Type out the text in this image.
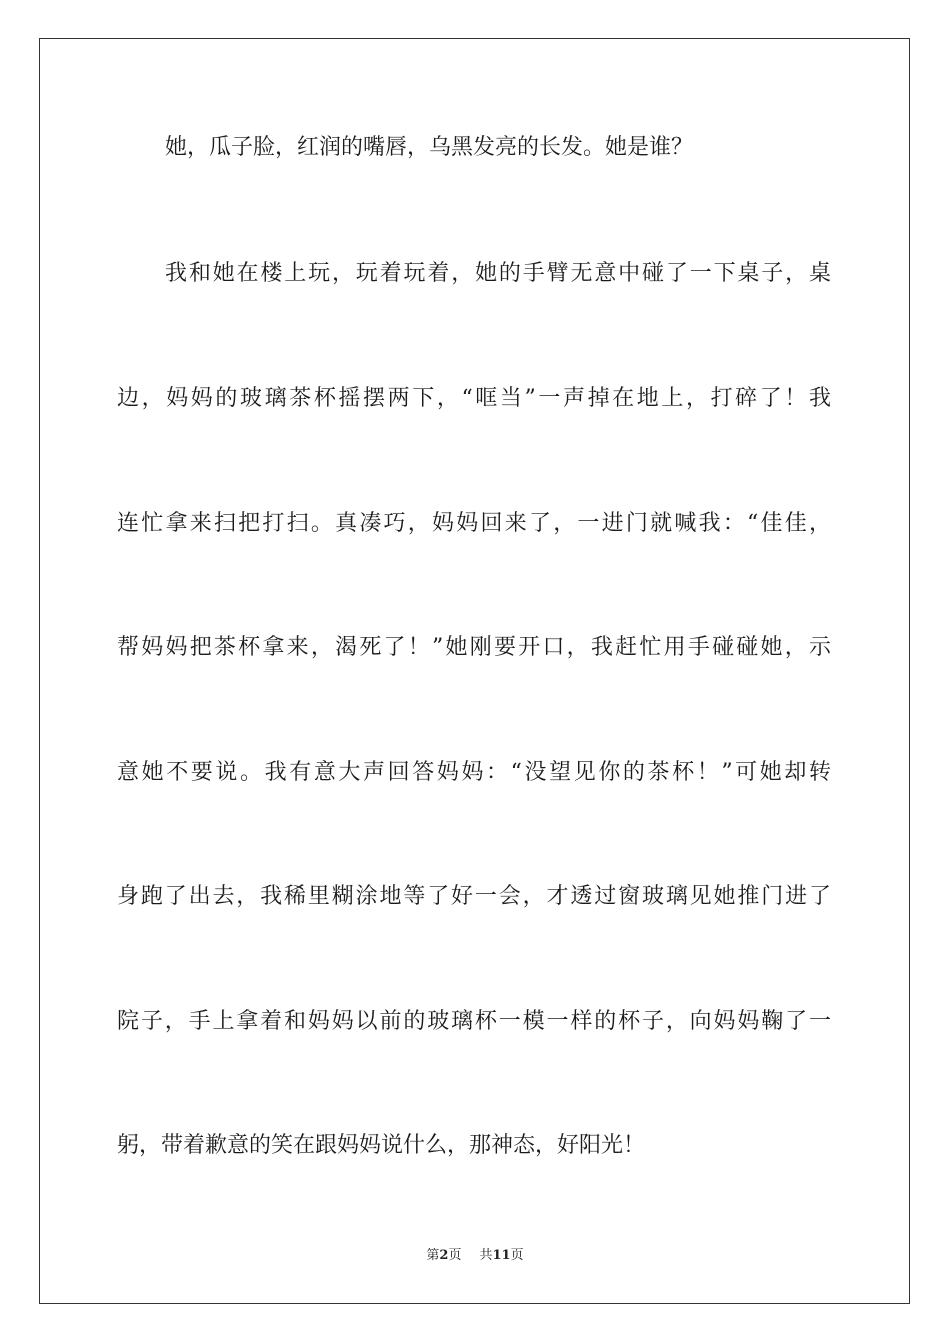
她，瓜子脸，红润的嘴唇，乌黑发亮的长发。她是谁？
我和她在楼上玩，玩着玩着，她的手臂无意中碰了一下桌子，桌
边，妈妈的玻璃茶杯摇摆两下，“哐当”一声掉在地上，打碎了！我
连忙拿来扫把打扫。真凑巧，妈妈回来了，一进门就喊我：“佳佳，
帮妈妈把茶杯拿来，渴死了！”她刚要开口，我赶忙用手碰碰她，示
意她不要说。我有意大声回答妈妈：“没望见你的茶杯！”可她却转
身跑了出去，我稀里糊涂地等了好一会，才透过窗玻璃见她推门进了
院子，手上拿着和妈妈以前的玻璃杯一模一样的杯子，向妈妈鞠了一
躬，带着歉意的笑在跟妈妈说什么，那神态，好阳光！
第2页 共11页
